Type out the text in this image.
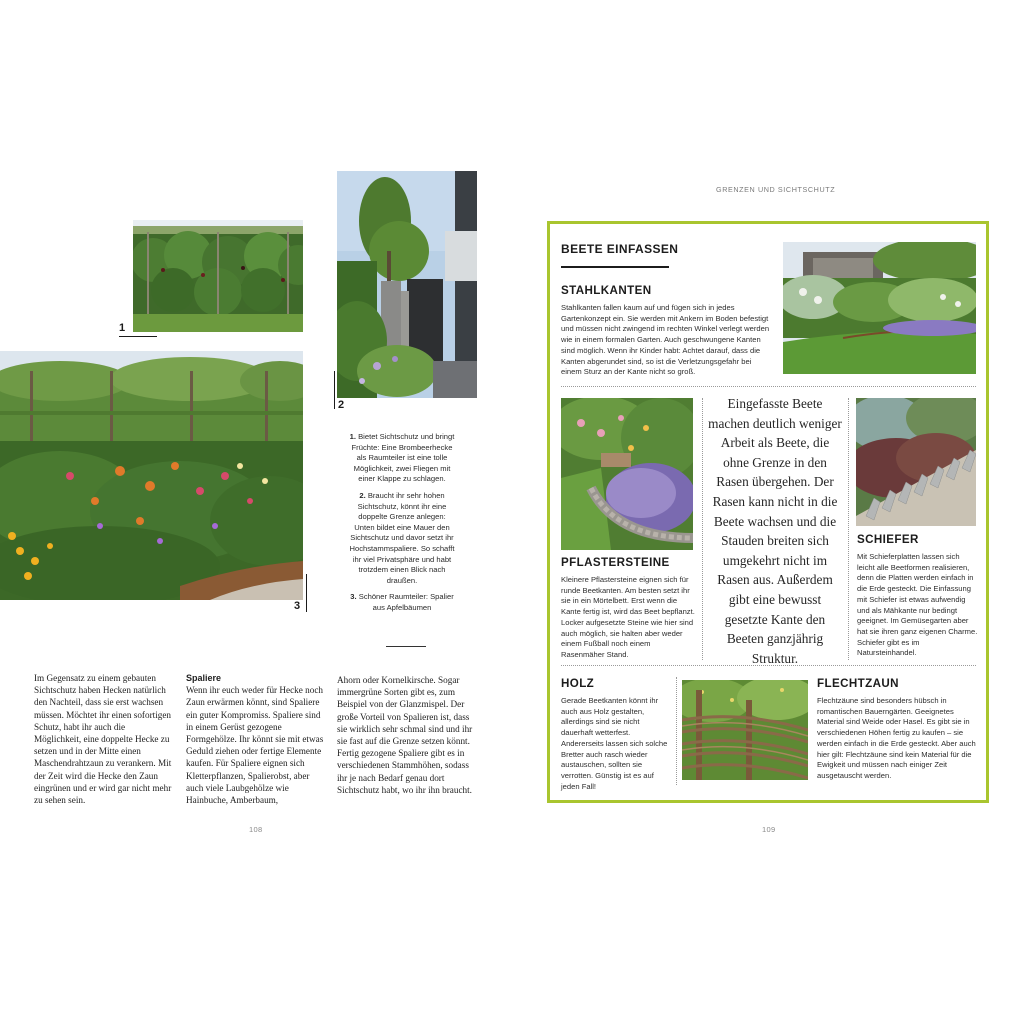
1
2
3

1. Bietet Sichtschutz und bringt Früchte: Eine Brombeerhecke als Raumteiler ist eine tolle Möglichkeit, zwei Fliegen mit einer Klappe zu schlagen.

2. Braucht ihr sehr hohen Sichtschutz, könnt ihr eine doppelte Grenze anlegen: Unten bildet eine Mauer den Sichtschutz und davor setzt ihr Hochstammspaliere. So schafft ihr viel Privatsphäre und habt trotzdem einen Blick nach draußen.

3. Schöner Raumteiler: Spalier aus Apfelbäumen

Im Gegensatz zu einem gebauten Sichtschutz haben Hecken natürlich den Nachteil, dass sie erst wachsen müssen. Möchtet ihr einen sofortigen Schutz, habt ihr auch die Möglichkeit, eine doppelte Hecke zu setzen und in der Mitte einen Maschendrahtzaun zu verankern. Mit der Zeit wird die Hecke den Zaun eingrünen und er wird gar nicht mehr zu sehen sein.
Spaliere
Wenn ihr euch weder für Hecke noch Zaun erwärmen könnt, sind Spaliere ein guter Kompromiss. Spaliere sind in einem Gerüst gezogene Formgehölze. Ihr könnt sie mit etwas Geduld ziehen oder fertige Elemente kaufen. Für Spaliere eignen sich Kletterpflanzen, Spalierobst, aber auch viele Laubgehölze wie Hainbuche, Amberbaum,
Ahorn oder Kornelkirsche. Sogar immergrüne Sorten gibt es, zum Beispiel von der Glanzmispel. Der große Vorteil von Spalieren ist, dass sie wirklich sehr schmal sind und ihr sie fast auf die Grenze setzen könnt. Fertig gezogene Spaliere gibt es in verschiedenen Stammhöhen, sodass ihr je nach Bedarf genau dort Sichtschutz habt, wo ihr ihn braucht.
108
GRENZEN UND SICHTSCHUTZ
BEETE EINFASSEN
STAHLKANTEN
Stahlkanten fallen kaum auf und fügen sich in jedes Gartenkonzept ein. Sie werden mit Ankern im Boden befestigt und müssen nicht zwingend im rechten Winkel verlegt werden wie in einem formalen Garten. Auch geschwungene Kanten sind möglich. Wenn ihr Kinder habt: Achtet darauf, dass die Kanten abgerundet sind, so ist die Verletzungsgefahr bei einem Sturz an der Kante nicht so groß.
PFLASTERSTEINE
Kleinere Pflastersteine eignen sich für runde Beetkanten. Am besten setzt ihr sie in ein Mörtelbett. Erst wenn die Kante fertig ist, wird das Beet bepflanzt. Locker aufgesetzte Steine wie hier sind auch möglich, sie halten aber weder einem Fußball noch einem Rasenmäher Stand.
Eingefasste Beete machen deutlich weniger Arbeit als Beete, die ohne Grenze in den Rasen übergehen. Der Rasen kann nicht in die Beete wachsen und die Stauden breiten sich umgekehrt nicht im Rasen aus. Außerdem gibt eine bewusst gesetzte Kante den Beeten ganzjährig Struktur.
SCHIEFER
Mit Schieferplatten lassen sich leicht alle Beetformen realisieren, denn die Platten werden einfach in die Erde gesteckt. Die Einfassung mit Schiefer ist etwas aufwendig und als Mähkante nur bedingt geeignet. Im Gemüsegarten aber hat sie ihren ganz eigenen Charme. Schiefer gibt es im Natursteinhandel.
HOLZ
Gerade Beetkanten könnt ihr auch aus Holz gestalten, allerdings sind sie nicht dauerhaft wetterfest. Andererseits lassen sich solche Bretter auch rasch wieder austauschen, sollten sie verrotten. Günstig ist es auf jeden Fall!
FLECHTZAUN
Flechtzäune sind besonders hübsch in romantischen Bauerngärten. Geeignetes Material sind Weide oder Hasel. Es gibt sie in verschiedenen Höhen fertig zu kaufen – sie werden einfach in die Erde gesteckt. Aber auch hier gilt: Flechtzäune sind kein Material für die Ewigkeit und müssen nach einiger Zeit ausgetauscht werden.
109
